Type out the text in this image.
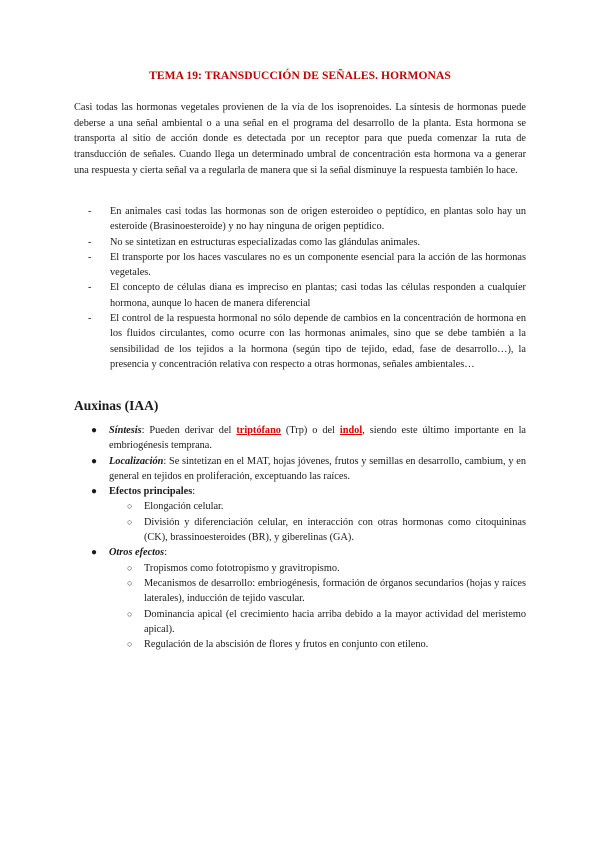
TEMA 19: TRANSDUCCIÓN DE SEÑALES. HORMONAS
Casi todas las hormonas vegetales provienen de la vía de los isoprenoides. La síntesis de hormonas puede deberse a una señal ambiental o a una señal en el programa del desarrollo de la planta. Esta hormona se transporta al sitio de acción donde es detectada por un receptor para que pueda comenzar la ruta de transducción de señales. Cuando llega un determinado umbral de concentración esta hormona va a generar una respuesta y cierta señal va a regularla de manera que si la señal disminuye la respuesta también lo hace.
- En animales casi todas las hormonas son de origen esteroideo o peptídico, en plantas solo hay un esteroide (Brasinoesteroide) y no hay ninguna de origen peptídico.
- No se sintetizan en estructuras especializadas como las glándulas animales.
- El transporte por los haces vasculares no es un componente esencial para la acción de las hormonas vegetales.
- El concepto de células diana es impreciso en plantas; casi todas las células responden a cualquier hormona, aunque lo hacen de manera diferencial
- El control de la respuesta hormonal no sólo depende de cambios en la concentración de hormona en los fluidos circulantes, como ocurre con las hormonas animales, sino que se debe también a la sensibilidad de los tejidos a la hormona (según tipo de tejido, edad, fase de desarrollo…), la presencia y concentración relativa con respecto a otras hormonas, señales ambientales…
Auxinas (IAA)
● Síntesis: Pueden derivar del triptófano (Trp) o del indol, siendo este último importante en la embriogénesis temprana.
● Localización: Se sintetizan en el MAT, hojas jóvenes, frutos y semillas en desarrollo, cambium, y en general en tejidos en proliferación, exceptuando las raíces.
● Efectos principales:
○ Elongación celular.
○ División y diferenciación celular, en interacción con otras hormonas como citoquininas (CK), brassinoesteroides (BR), y giberelinas (GA).
● Otros efectos:
○ Tropismos como fototropismo y gravitropismo.
○ Mecanismos de desarrollo: embriogénesis, formación de órganos secundarios (hojas y raíces laterales), inducción de tejido vascular.
○ Dominancia apical (el crecimiento hacia arriba debido a la mayor actividad del meristemo apical).
○ Regulación de la abscisión de flores y frutos en conjunto con etileno.
